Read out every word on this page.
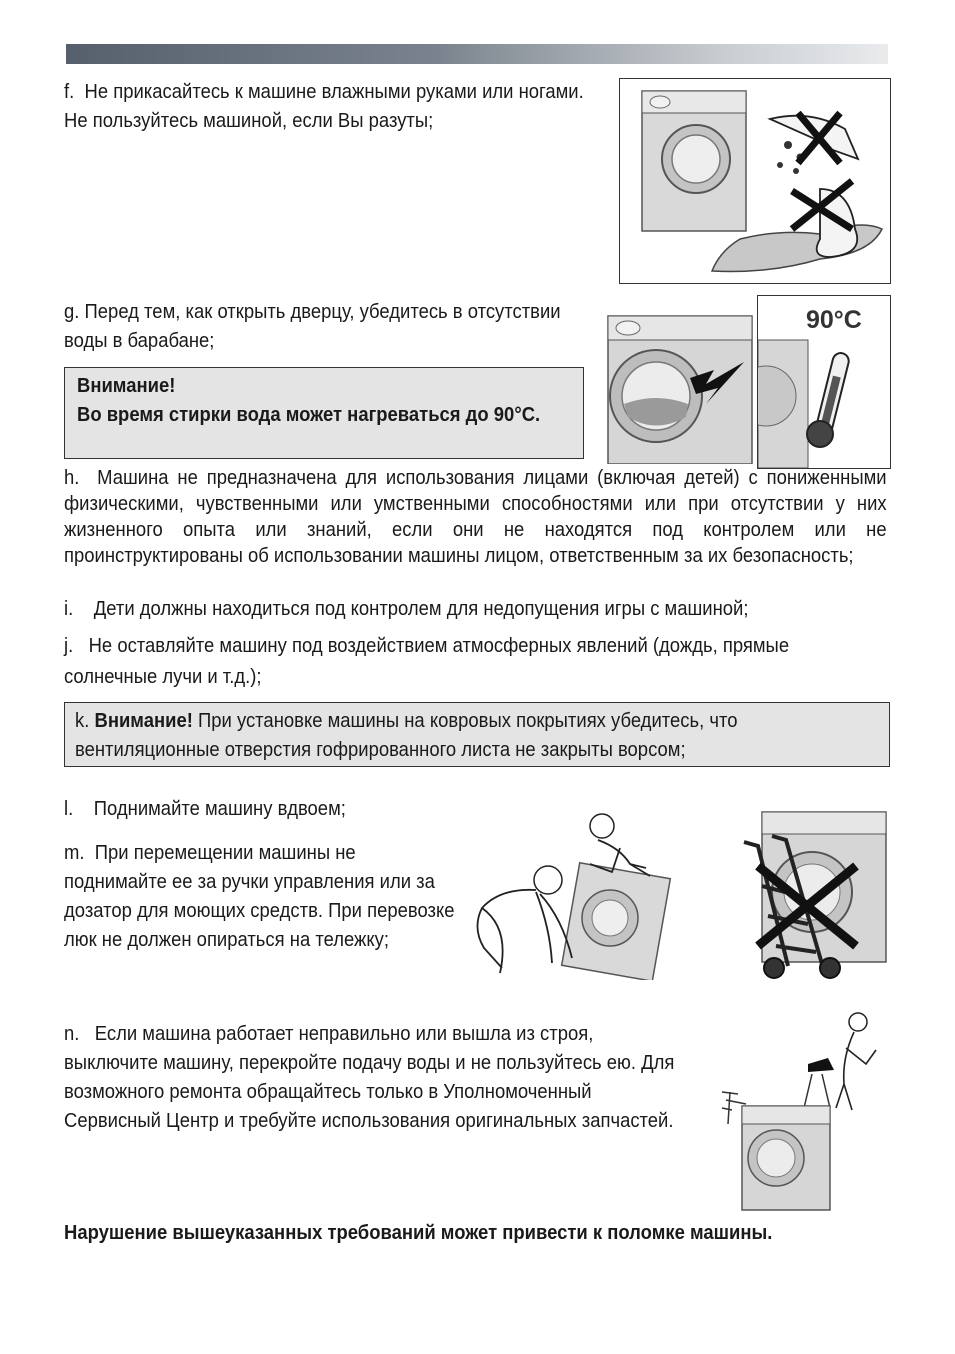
f. Не прикасайтесь к машине влажными руками или ногами. Не пользуйтесь машиной, если Вы разуты;
g. Перед тем, как открыть дверцу, убедитесь в отсутствии воды в барабане;
Внимание!
Во время стирки вода может нагреваться до 90°C.
90°C
h. Машина не предназначена для использования лицами (включая детей) с пониженными физическими, чувственными или умственными способностями или при отсутствии у них жизненного опыта или знаний, если они не находятся под контролем или не проинструктированы об использовании машины лицом, ответственным за их безопасность;
i. Дети должны находиться под контролем для недопущения игры с машиной;
j. Не оставляйте машину под воздействием атмосферных явлений (дождь, прямые солнечные лучи и т.д.);
k. Внимание! При установке машины на ковровых покрытиях убедитесь, что вентиляционные отверстия гофрированного листа не закрыты ворсом;
l. Поднимайте машину вдвоем;
m. При перемещении машины не поднимайте ее за ручки управления или за дозатор для моющих средств. При перевозке люк не должен опираться на тележку;
n. Если машина работает неправильно или вышла из строя, выключите машину, перекройте подачу воды и не пользуйтесь ею. Для возможного ремонта обращайтесь только в Уполномоченный Сервисный Центр и требуйте использования оригинальных запчастей.
Нарушение вышеуказанных требований может привести к поломке машины.
